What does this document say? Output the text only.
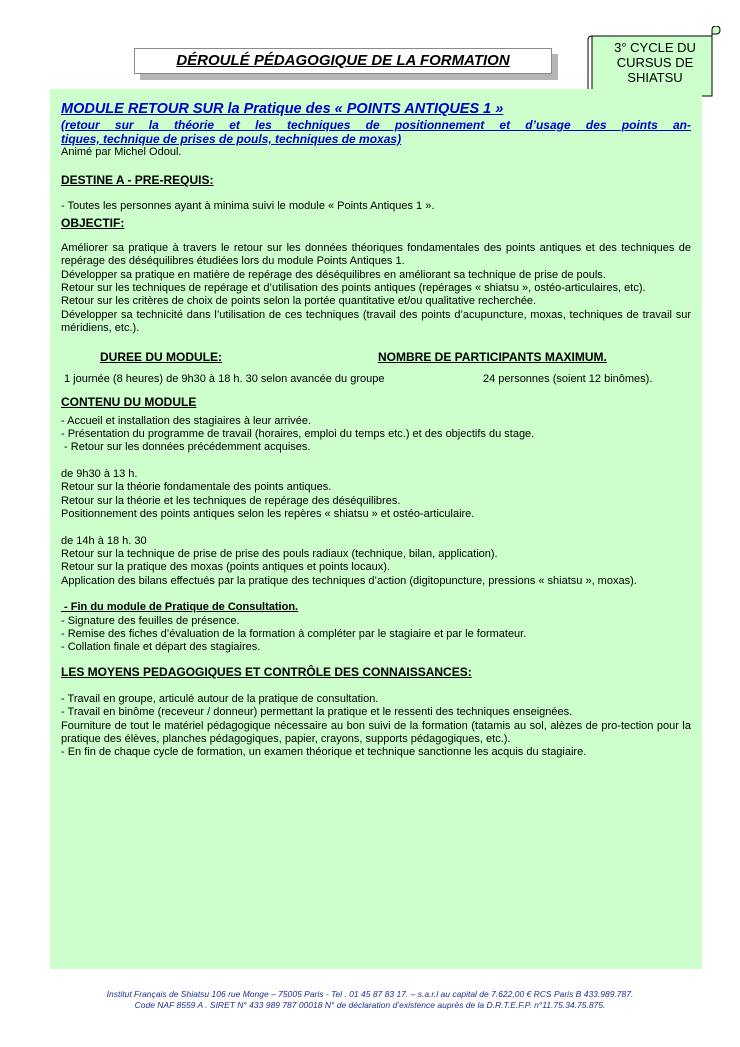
DÉROULÉ PÉDAGOGIQUE DE LA FORMATION
3° CYCLE DU
CURSUS DE
SHIATSU
MODULE RETOUR SUR la Pratique des « POINTS ANTIQUES 1 »
(retour sur la théorie et les techniques de positionnement et d’usage des points an-
tiques, technique de prises de pouls, techniques de moxas)
Animé par Michel Odoul.
DESTINE A - PRE-REQUIS:
- Toutes les personnes ayant à minima suivi le module « Points Antiques 1 ».
OBJECTIF:
Améliorer sa pratique à travers le retour sur les données théoriques fondamentales des points antiques et des techniques de repérage des déséquilibres étudiées lors du module Points Antiques 1.
Développer sa pratique en matière de repérage des déséquilibres en améliorant sa technique de prise de pouls.
Retour sur les techniques de repérage et d’utilisation des points antiques (repérages « shiatsu », ostéo-articulaires, etc).
Retour sur les critères de choix de points selon la portée quantitative et/ou qualitative recherchée.
Développer sa technicité dans l’utilisation de ces techniques (travail des points d’acupuncture, moxas, techniques de travail sur méridiens, etc.).
DUREE DU MODULE:	NOMBRE DE PARTICIPANTS MAXIMUM.
1 journée (8 heures) de 9h30 à 18 h. 30 selon avancée du groupe	24 personnes (soient 12 binômes).
CONTENU DU MODULE
- Accueil et installation des stagiaires à leur arrivée.
- Présentation du programme de travail (horaires, emploi du temps etc.) et des objectifs du stage.
- Retour sur les données précédemment acquises.
de 9h30 à 13 h.
Retour sur la théorie fondamentale des points antiques.
Retour sur la théorie et les techniques de repérage des déséquilibres.
Positionnement des points antiques selon les repères « shiatsu » et ostéo-articulaire.
de 14h à 18 h. 30
Retour sur la technique de prise de prise des pouls radiaux (technique, bilan, application).
Retour sur la pratique des moxas (points antiques et points locaux).
Application des bilans effectués par la pratique des techniques d’action (digitopuncture, pressions « shiatsu », moxas).
- Fin du module de Pratique de Consultation.
- Signature des feuilles de présence.
- Remise des fiches d’évaluation de la formation à compléter par le stagiaire et par le formateur.
- Collation finale et départ des stagiaires.
LES MOYENS PEDAGOGIQUES ET CONTRÔLE DES CONNAISSANCES:
- Travail en groupe, articulé autour de la pratique de consultation.
- Travail en binôme (receveur / donneur) permettant la pratique et le ressenti des techniques enseignées.
Fourniture de tout le matériel pédagogique nécessaire au bon suivi de la formation (tatamis au sol, alèzes de pro-tection pour la pratique des élèves, planches pédagogiques, papier, crayons, supports pédagogiques, etc.).
- En fin de chaque cycle de formation, un examen théorique et technique sanctionne les acquis du stagiaire.
Institut Français de Shiatsu 106 rue Monge – 75005 Paris - Tel . 01 45 87 83 17. – s.a.r.l au capital de 7.622,00 € RCS Paris B 433.989.787.
Code NAF 8559 A . SIRET N° 433 989 787 00018 N° de déclaration d’existence auprès de la D.R.T.E.F.P. n°11.75.34.75.875.
